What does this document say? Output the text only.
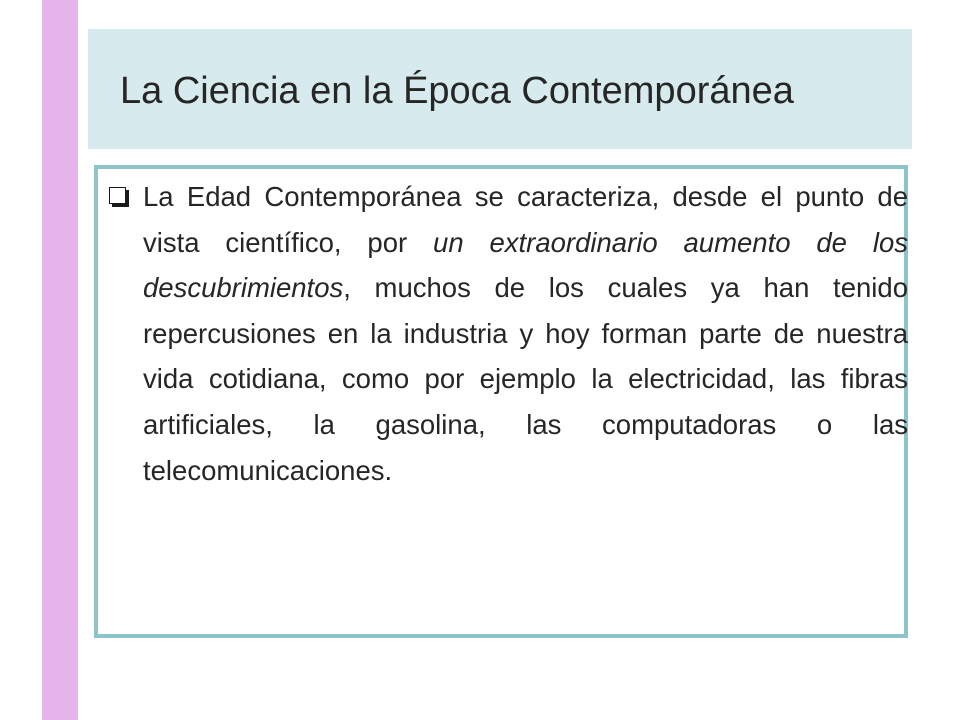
La Ciencia en la Época Contemporánea

La Edad Contemporánea se caracteriza, desde el punto de vista científico, por un extraordinario aumento de los descubrimientos, muchos de los cuales ya han tenido repercusiones en la industria y hoy forman parte de nuestra vida cotidiana, como por ejemplo la electricidad, las fibras artificiales, la gasolina, las computadoras o las telecomunicaciones.
